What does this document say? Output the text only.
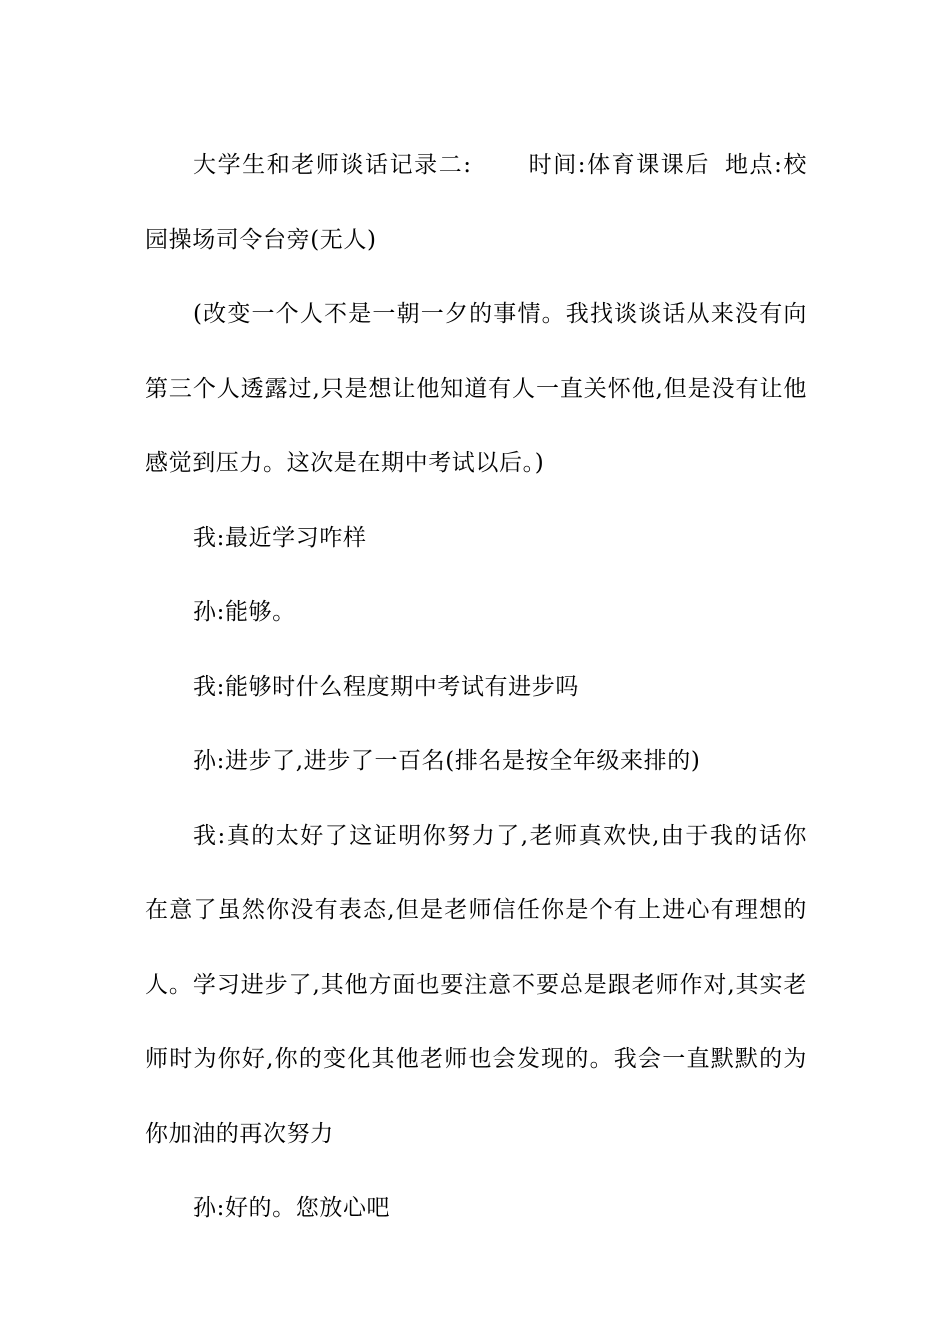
大学生和老师谈话记录二: 时间:体育课课后 地点:校园操场司令台旁(无人)

(改变一个人不是一朝一夕的事情。我找谈谈话从来没有向第三个人透露过,只是想让他知道有人一直关怀他,但是没有让他感觉到压力。这次是在期中考试以后。)

我:最近学习咋样

孙:能够。

我:能够时什么程度期中考试有进步吗

孙:进步了,进步了一百名(排名是按全年级来排的)

我:真的太好了这证明你努力了,老师真欢快,由于我的话你在意了虽然你没有表态,但是老师信任你是个有上进心有理想的人。学习进步了,其他方面也要注意不要总是跟老师作对,其实老师时为你好,你的变化其他老师也会发现的。我会一直默默的为你加油的再次努力

孙:好的。您放心吧
